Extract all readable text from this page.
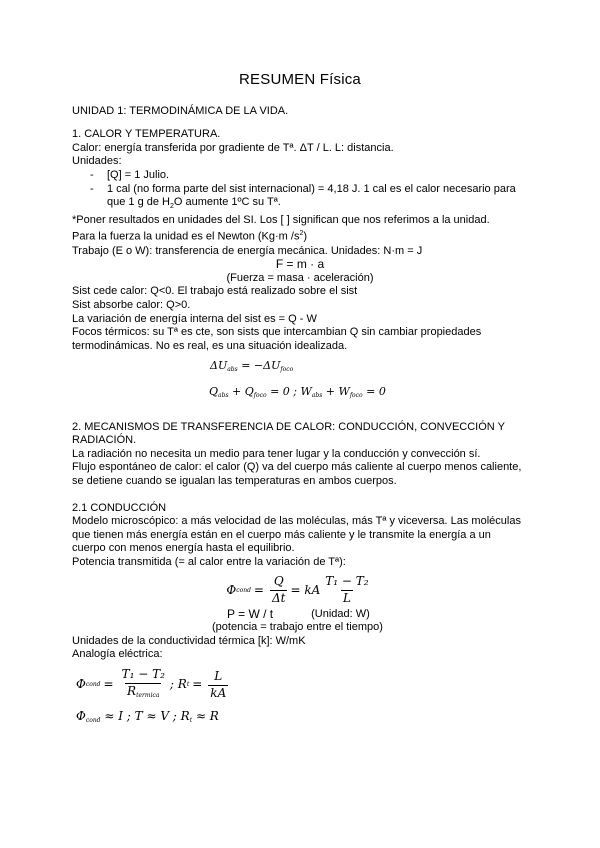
RESUMEN Física

UNIDAD 1: TERMODINÁMICA DE LA VIDA.

1. CALOR Y TEMPERATURA.

Calor: energía transferida por gradiente de Tª. ΔT / L. L: distancia.

Unidades:

-	[Q] = 1 Julio.
-	1 cal (no forma parte del sist internacional) = 4,18 J. 1 cal es el calor necesario para
que 1 g de $H_2O$ aumente 1ºC su Tª.

*Poner resultados en unidades del SI. Los [ ] significan que nos referimos a la unidad.

Para la fuerza la unidad es el Newton (Kg·m $/s^2$)

Trabajo (E o W): transferencia de energía mecánica. Unidades: N·m = J

F = m · a

(Fuerza = masa · aceleración)

Sist cede calor: Q<0. El trabajo está realizado sobre el sist

Sist absorbe calor: Q>0.

La variación de energía interna del sist es = Q - W

Focos térmicos: su Tª es cte, son sists que intercambian Q sin cambiar propiedades

termodinámicas. No es real, es una situación idealizada.

$\Delta U_{abs} = -\Delta U_{foco}$
$Q_{abs} + Q_{foco} = 0$ ; $W_{abs} + W_{foco} = 0$

2. MECANISMOS DE TRANSFERENCIA DE CALOR: CONDUCCIÓN, CONVECCIÓN Y

RADIACIÓN.

La radiación no necesita un medio para tener lugar y la conducción y convección sí.

Flujo espontáneo de calor: el calor (Q) va del cuerpo más caliente al cuerpo menos caliente,

se detiene cuando se igualan las temperaturas en ambos cuerpos.

2.1 CONDUCCIÓN

Modelo microscópico: a más velocidad de las moléculas, más Tª y viceversa. Las moléculas

que tienen más energía están en el cuerpo más caliente y le transmite la energía a un

cuerpo con menos energía hasta el equilibrio.

Potencia transmitida (= al calor entre la variación de Tª):

Φ cond = $\frac{Q}{\Delta t}$ = kA $\frac{\text{T₁ − T₂}}{L}$
P = W / t	(Unidad: W)

(potencia = trabajo entre el tiempo)

Unidades de la conductividad térmica [k]: W/mK

Analogía eléctrica:

Φ cond = $\frac{\text{T₁ − T₂}}{R_{termica}}$ ; R $t = \frac{L}{kA}$
$\Phi_{cond} \approx I$ ; T ≈ V ; $R_t \approx R$
